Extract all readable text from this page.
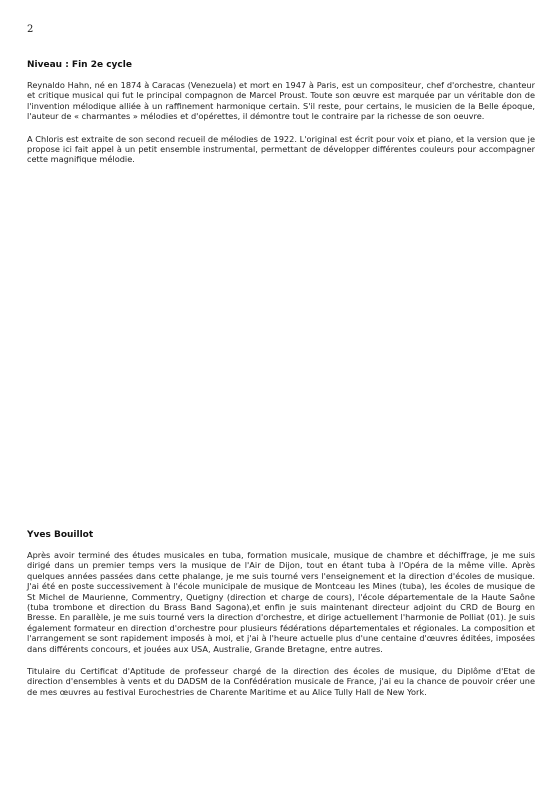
2
Niveau : Fin 2e cycle

Reynaldo Hahn, né en 1874 à Caracas (Venezuela) et mort en 1947 à Paris, est un compositeur, chef d'orchestre, chanteur et critique musical qui fut le principal compagnon de Marcel Proust. Toute son œuvre est marquée par un véritable don de l'invention mélodique alliée à un raffinement harmonique certain. S'il reste, pour certains, le musicien de la Belle époque, l'auteur de « charmantes » mélodies et d'opérettes, il démontre tout le contraire par la richesse de son oeuvre.

A Chloris est extraite de son second recueil de mélodies de 1922. L'original est écrit pour voix et piano, et la version que je propose ici fait appel à un petit ensemble instrumental, permettant de développer différentes couleurs pour accompagner cette magnifique mélodie.

Yves Bouillot

Après avoir terminé des études musicales en tuba, formation musicale, musique de chambre et déchiffrage, je me suis dirigé dans un premier temps vers la musique de l'Air de Dijon, tout en étant tuba à l'Opéra de la même ville. Après quelques années passées dans cette phalange, je me suis tourné vers l'enseignement et la direction d'écoles de musique. J'ai été en poste successivement à l'école municipale de musique de Montceau les Mines (tuba), les écoles de musique de St Michel de Maurienne, Commentry, Quetigny (direction et charge de cours), l'école départementale de la Haute Saône (tuba trombone et direction du Brass Band Sagona),et enfin je suis maintenant directeur adjoint du CRD de Bourg en Bresse. En parallèle, je me suis tourné vers la direction d'orchestre, et dirige actuellement l'harmonie de Polliat (01). Je suis également formateur en direction d'orchestre pour plusieurs fédérations départementales et régionales. La composition et l'arrangement se sont rapidement imposés à moi, et j'ai à l'heure actuelle plus d'une centaine d'œuvres éditées, imposées dans différents concours, et jouées aux USA, Australie, Grande Bretagne, entre autres.

Titulaire du Certificat d'Aptitude de professeur chargé de la direction des écoles de musique, du Diplôme d'Etat de direction d'ensembles à vents et du DADSM de la Confédération musicale de France, j'ai eu la chance de pouvoir créer une de mes œuvres au festival Eurochestries de Charente Maritime et au Alice Tully Hall de New York.
